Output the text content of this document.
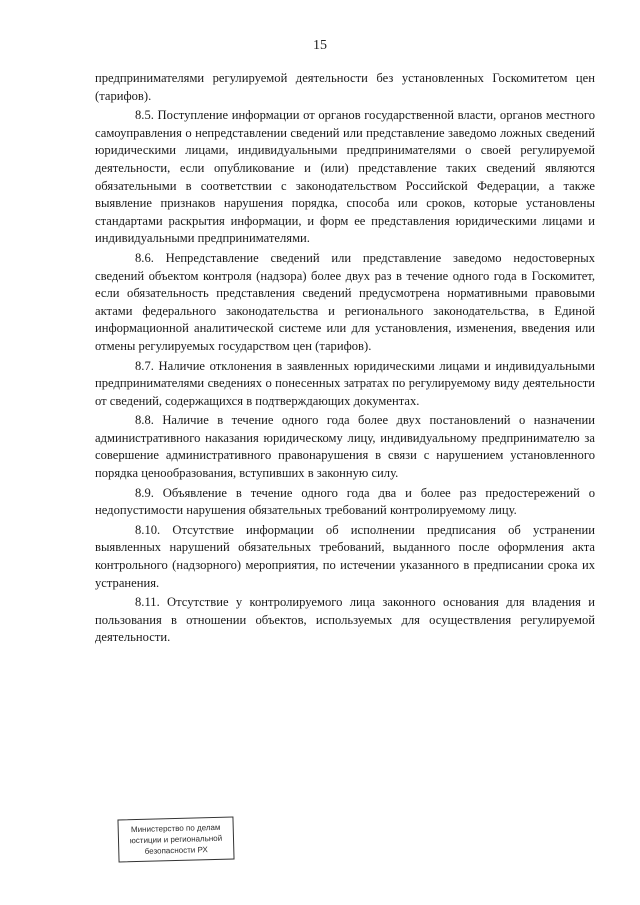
15

предпринимателями регулируемой деятельности без установленных Госкомитетом цен (тарифов).

8.5. Поступление информации от органов государственной власти, органов местного самоуправления о непредставлении сведений или представление заведомо ложных сведений юридическими лицами, индивидуальными предпринимателями о своей регулируемой деятельности, если опубликование и (или) представление таких сведений являются обязательными в соответствии с законодательством Российской Федерации, а также выявление признаков нарушения порядка, способа или сроков, которые установлены стандартами раскрытия информации, и форм ее представления юридическими лицами и индивидуальными предпринимателями.

8.6. Непредставление сведений или представление заведомо недостоверных сведений объектом контроля (надзора) более двух раз в течение одного года в Госкомитет, если обязательность представления сведений предусмотрена нормативными правовыми актами федерального законодательства и регионального законодательства, в Единой информационной аналитической системе или для установления, изменения, введения или отмены регулируемых государством цен (тарифов).

8.7. Наличие отклонения в заявленных юридическими лицами и индивидуальными предпринимателями сведениях о понесенных затратах по регулируемому виду деятельности от сведений, содержащихся в подтверждающих документах.

8.8. Наличие в течение одного года более двух постановлений о назначении административного наказания юридическому лицу, индивидуальному предпринимателю за совершение административного правонарушения в связи с нарушением установленного порядка ценообразования, вступивших в законную силу.

8.9. Объявление в течение одного года два и более раз предостережений о недопустимости нарушения обязательных требований контролируемому лицу.

8.10. Отсутствие информации об исполнении предписания об устранении выявленных нарушений обязательных требований, выданного после оформления акта контрольного (надзорного) мероприятия, по истечении указанного в предписании срока их устранения.

8.11. Отсутствие у контролируемого лица законного основания для владения и пользования в отношении объектов, используемых для осуществления регулируемой деятельности.

Министерство по делам
юстиции и региональной
безопасности РХ
